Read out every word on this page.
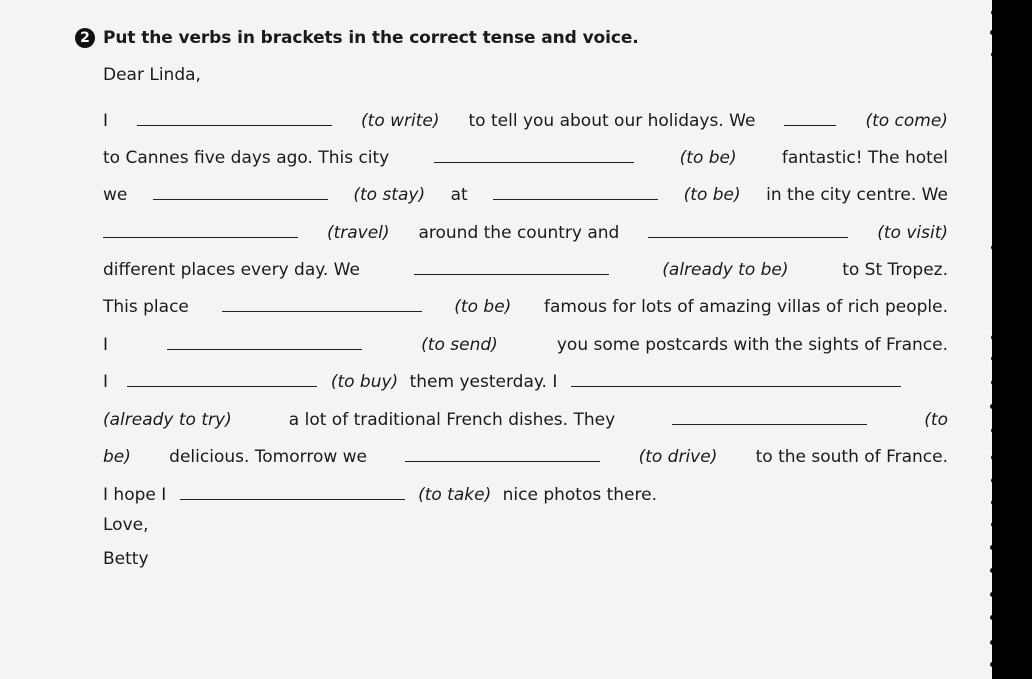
2 Put the verbs in brackets in the correct tense and voice.
Dear Linda,
I	(to write) to tell you about our holidays. We	(to come)
to Cannes five days ago. This city	(to be)	fantastic! The hotel
we	(to stay) at	(to be) in the city centre. We
(travel) around the country and	(to visit)
different places every day. We	(already to be)	to St Tropez.
This place	(to be) famous for lots of amazing villas of rich people.
I	(to send)	you some postcards with the sights of France.
I	(to buy) them yesterday. I
(already to try)	a lot of traditional French dishes. They	(to
be) delicious. Tomorrow we	(to drive) to the south of France.
I hope I	(to take) nice photos there.
Love,
Betty
